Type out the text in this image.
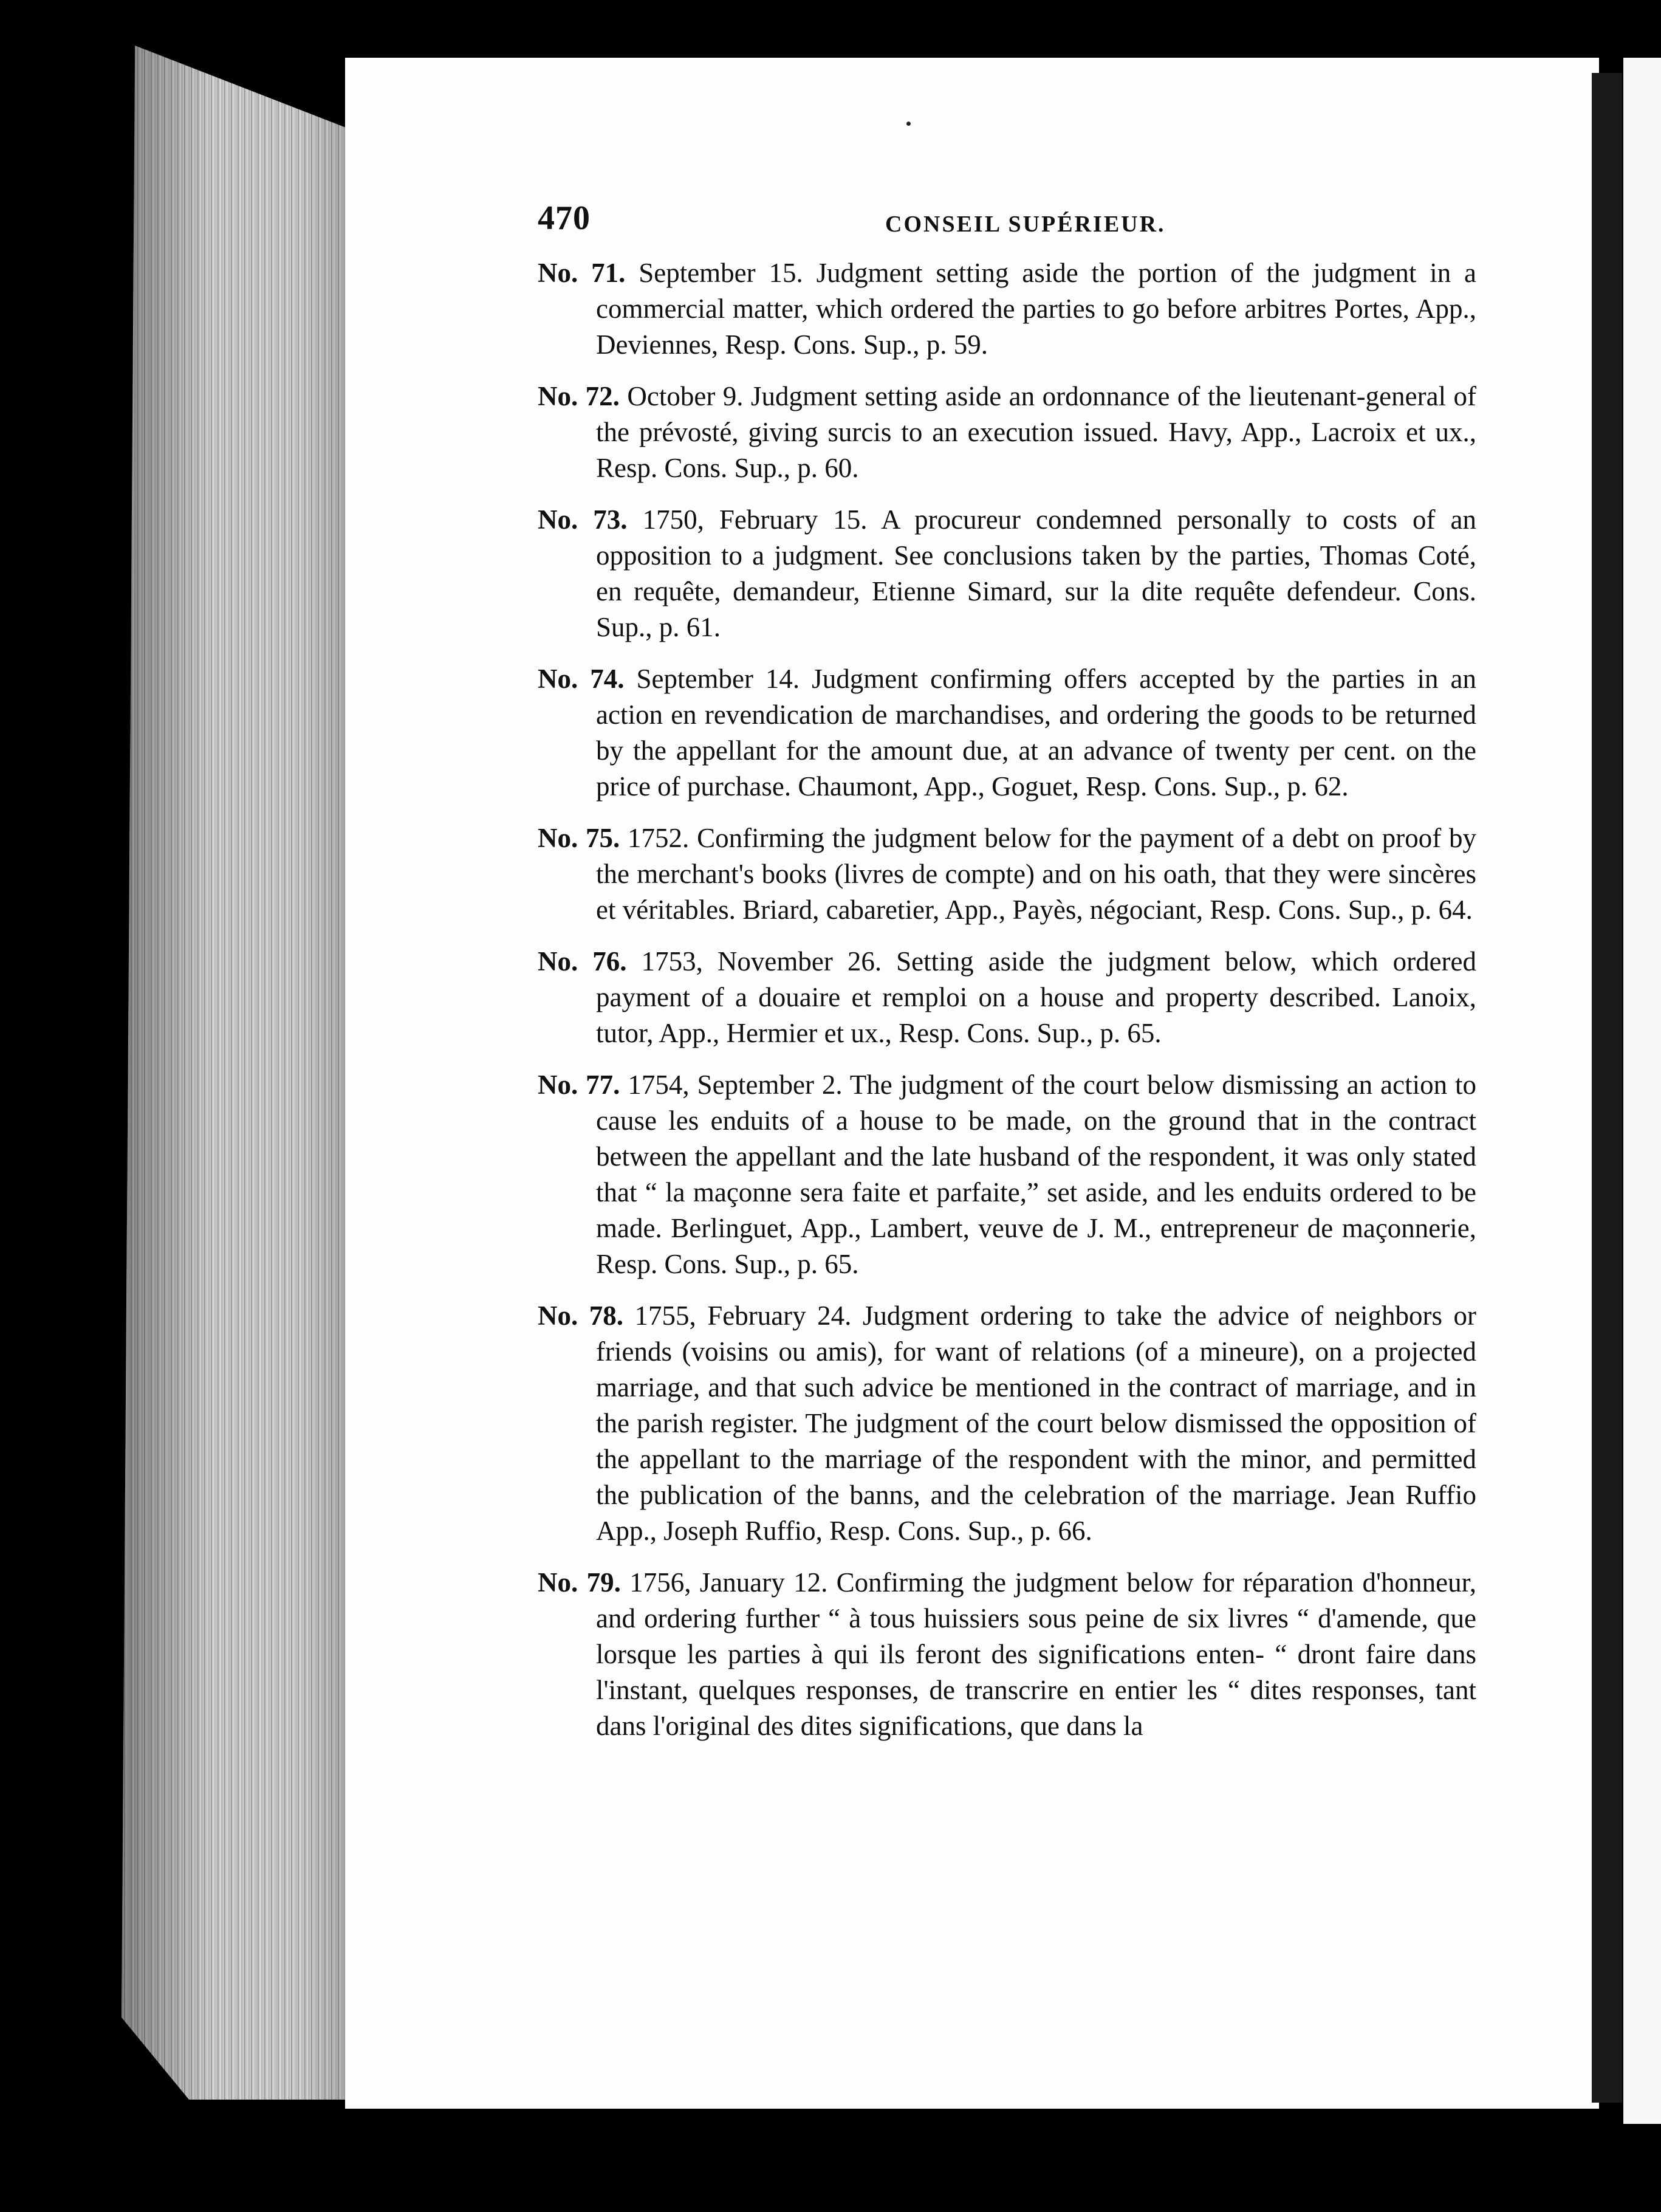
470	CONSEIL SUPÉRIEUR.

No. 71. September 15. Judgment setting aside the portion of the judgment in a commercial matter, which ordered the parties to go before arbitres Portes, App., Deviennes, Resp. Cons. Sup., p. 59.

No. 72. October 9. Judgment setting aside an ordonnance of the lieutenant-general of the prévosté, giving surcis to an execution issued. Havy, App., Lacroix et ux., Resp. Cons. Sup., p. 60.

No. 73. 1750, February 15. A procureur condemned personally to costs of an opposition to a judgment. See conclusions taken by the parties, Thomas Coté, en requête, demandeur, Etienne Simard, sur la dite requête defendeur. Cons. Sup., p. 61.

No. 74. September 14. Judgment confirming offers accepted by the parties in an action en revendication de marchandises, and ordering the goods to be returned by the appellant for the amount due, at an advance of twenty per cent. on the price of purchase. Chaumont, App., Goguet, Resp. Cons. Sup., p. 62.

No. 75. 1752. Confirming the judgment below for the payment of a debt on proof by the merchant's books (livres de compte) and on his oath, that they were sincères et véritables. Briard, cabaretier, App., Payès, négociant, Resp. Cons. Sup., p. 64.

No. 76. 1753, November 26. Setting aside the judgment below, which ordered payment of a douaire et remploi on a house and property described. Lanoix, tutor, App., Hermier et ux., Resp. Cons. Sup., p. 65.

No. 77. 1754, September 2. The judgment of the court below dismissing an action to cause les enduits of a house to be made, on the ground that in the contract between the appellant and the late husband of the respondent, it was only stated that “ la maçonne sera faite et parfaite,” set aside, and les enduits ordered to be made. Berlinguet, App., Lambert, veuve de J. M., entrepreneur de maçonnerie, Resp. Cons. Sup., p. 65.

No. 78. 1755, February 24. Judgment ordering to take the advice of neighbors or friends (voisins ou amis), for want of relations (of a mineure), on a projected marriage, and that such advice be mentioned in the contract of marriage, and in the parish register. The judgment of the court below dismissed the opposition of the appellant to the marriage of the respondent with the minor, and permitted the publication of the banns, and the celebration of the marriage. Jean Ruffio App., Joseph Ruffio, Resp. Cons. Sup., p. 66.

No. 79. 1756, January 12. Confirming the judgment below for réparation d'honneur, and ordering further “ à tous huissiers sous peine de six livres “ d'amende, que lorsque les parties à qui ils feront des significations enten- “ dront faire dans l'instant, quelques responses, de transcrire en entier les “ dites responses, tant dans l'original des dites significations, que dans la
